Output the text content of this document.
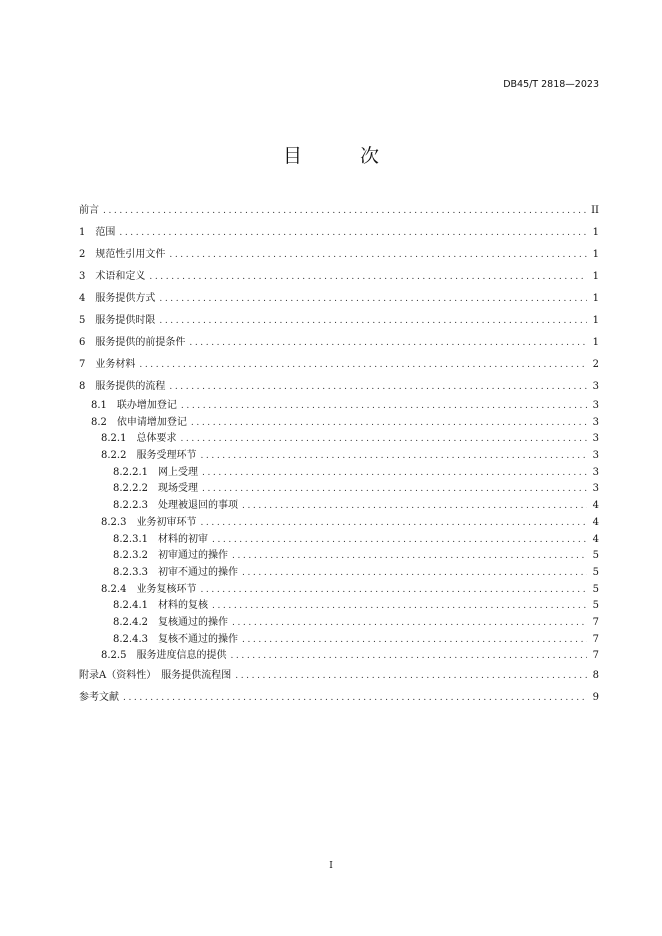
DB45/T 2818—2023
目 次
前言 .....	II
1　范围 .....	1
2　规范性引用文件 .....	1
3　术语和定义 .....	1
4　服务提供方式 .....	1
5　服务提供时限 .....	1
6　服务提供的前提条件 .....	1
7　业务材料 .....	2
8　服务提供的流程 .....	3
8.1　联办增加登记 .....	3
8.2　依申请增加登记 .....	3
8.2.1　总体要求 .....	3
8.2.2　服务受理环节 .....	3
8.2.2.1　网上受理 .....	3
8.2.2.2　现场受理 .....	3
8.2.2.3　处理被退回的事项 .....	4
8.2.3　业务初审环节 .....	4
8.2.3.1　材料的初审 .....	4
8.2.3.2　初审通过的操作 .....	5
8.2.3.3　初审不通过的操作 .....	5
8.2.4　业务复核环节 .....	5
8.2.4.1　材料的复核 .....	5
8.2.4.2　复核通过的操作 .....	7
8.2.4.3　复核不通过的操作 .....	7
8.2.5　服务进度信息的提供 .....	7
附录A（资料性）　服务提供流程图 .....	8
参考文献 .....	9
I
